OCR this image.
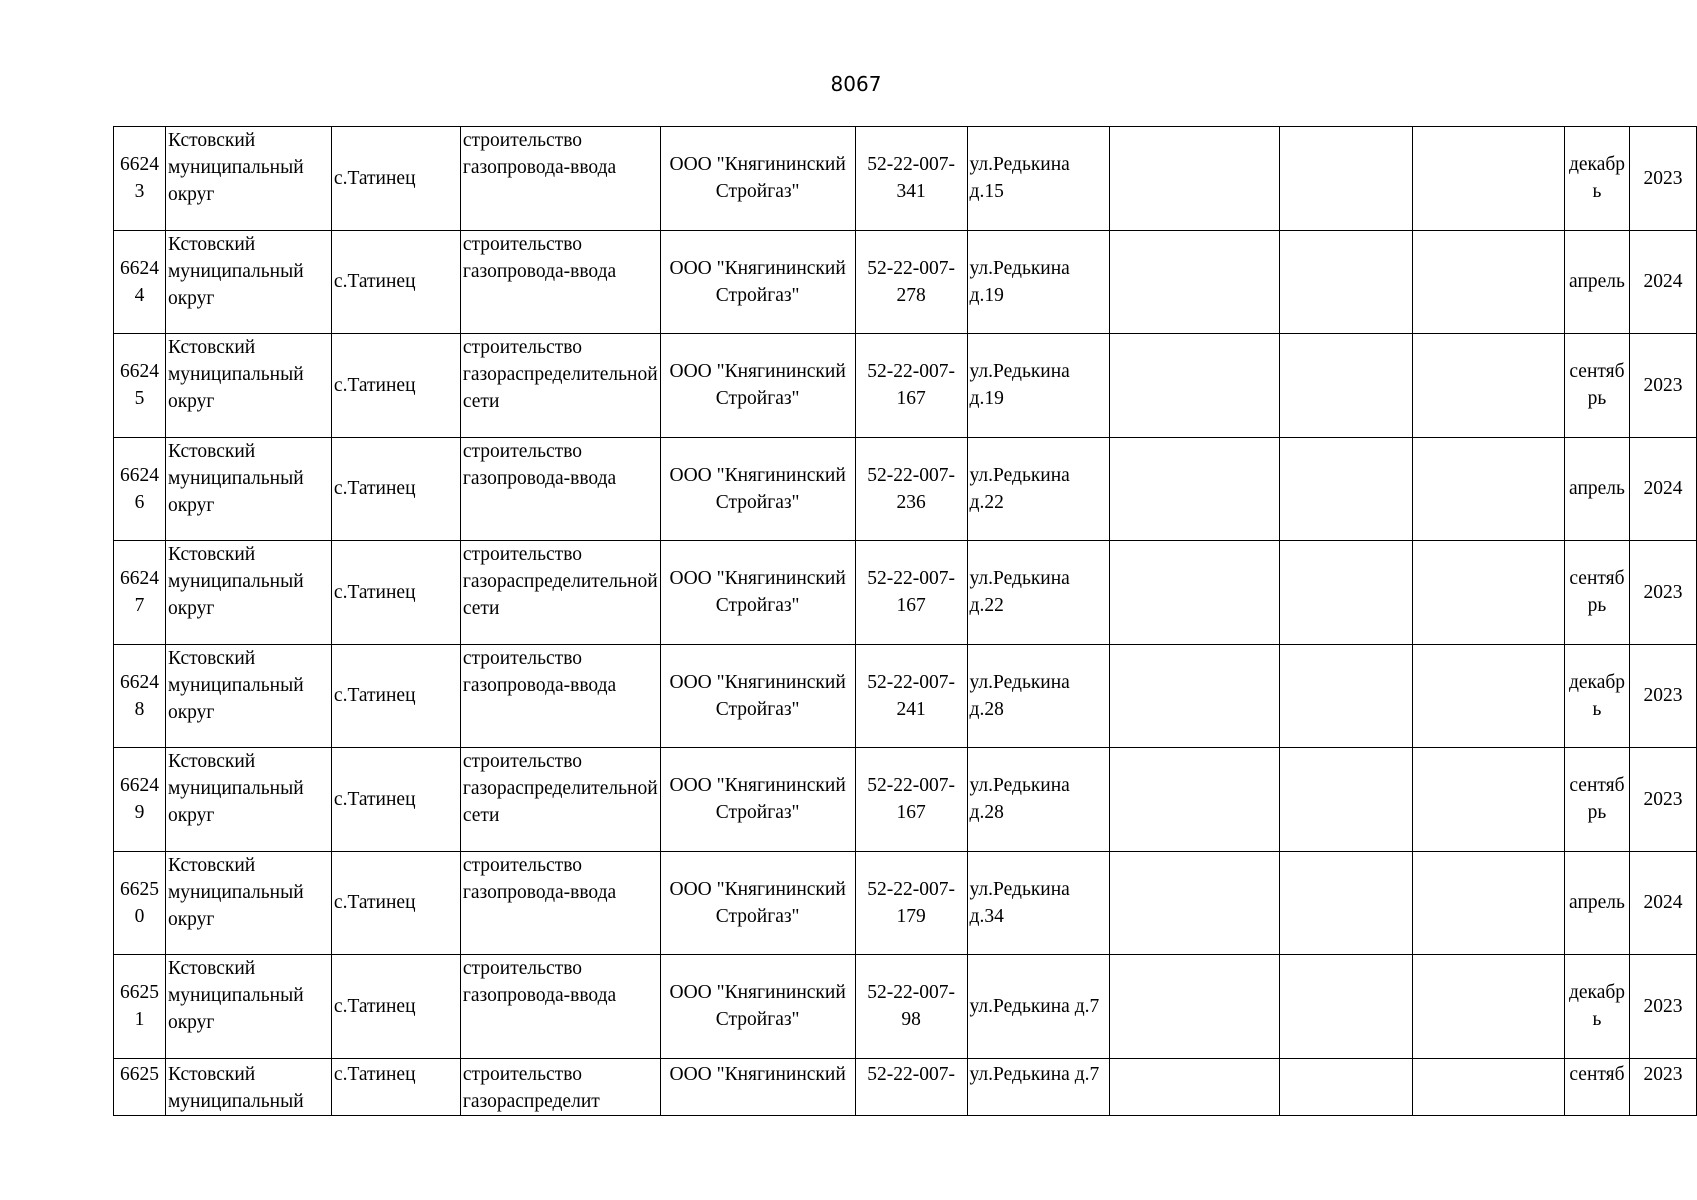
8067
66243	Кстовский муниципальный округ	с.Татинец	строительство газопровода-ввода	ООО "Княгининский Стройгаз"	52-22-007-341	ул.Редькина д.15				декабрь	2023
66244	Кстовский муниципальный округ	с.Татинец	строительство газопровода-ввода	ООО "Княгининский Стройгаз"	52-22-007-278	ул.Редькина д.19				апрель	2024
66245	Кстовский муниципальный округ	с.Татинец	строительство газораспределительной сети	ООО "Княгининский Стройгаз"	52-22-007-167	ул.Редькина д.19				сентябрь	2023
66246	Кстовский муниципальный округ	с.Татинец	строительство газопровода-ввода	ООО "Княгининский Стройгаз"	52-22-007-236	ул.Редькина д.22				апрель	2024
66247	Кстовский муниципальный округ	с.Татинец	строительство газораспределительной сети	ООО "Княгининский Стройгаз"	52-22-007-167	ул.Редькина д.22				сентябрь	2023
66248	Кстовский муниципальный округ	с.Татинец	строительство газопровода-ввода	ООО "Княгининский Стройгаз"	52-22-007-241	ул.Редькина д.28				декабрь	2023
66249	Кстовский муниципальный округ	с.Татинец	строительство газораспределительной сети	ООО "Княгининский Стройгаз"	52-22-007-167	ул.Редькина д.28				сентябрь	2023
66250	Кстовский муниципальный округ	с.Татинец	строительство газопровода-ввода	ООО "Княгининский Стройгаз"	52-22-007-179	ул.Редькина д.34				апрель	2024
66251	Кстовский муниципальный округ	с.Татинец	строительство газопровода-ввода	ООО "Княгининский Стройгаз"	52-22-007-98	ул.Редькина д.7				декабрь	2023
6625	Кстовский муниципальный	с.Татинец	строительство газораспределит	ООО "Княгининский	52-22-007-	ул.Редькина д.7				сентяб	2023
